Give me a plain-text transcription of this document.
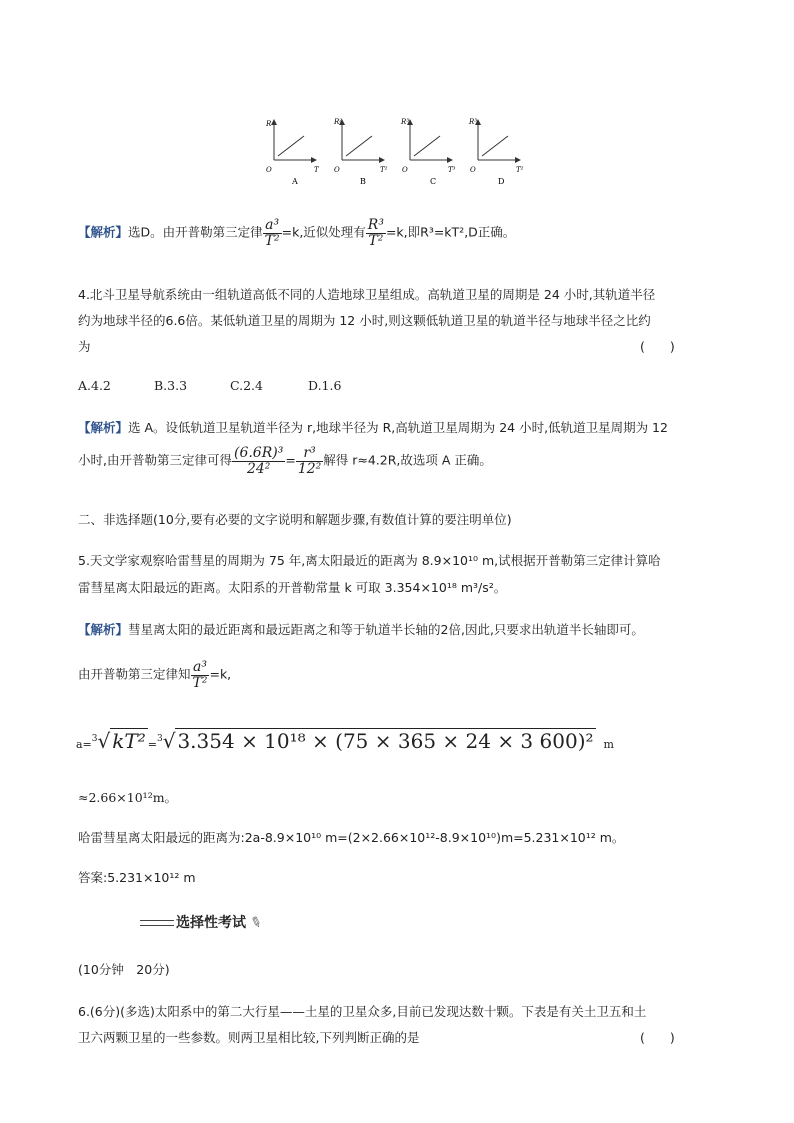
R
O	T
A
R²
O	T²
B
R³
O	T³
C
R³
O	T²
D
【解析】选D。由开普勒第三定律 $\frac{\text{a³}}{\text{T²}} =k$,近似处理有 $\frac{\text{R³}}{\text{T²}} =k$,即R³=kT²,D正确。
4.北斗卫星导航系统由一组轨道高低不同的人造地球卫星组成。高轨道卫星的周期是 24 小时,其轨道半径
约为地球半径的6.6倍。某低轨道卫星的周期为 12 小时,则这颗低轨道卫星的轨道半径与地球半径之比约
为	(　　)
A.4.2	B.3.3	C.2.4	D.1.6
【解析】选 A。设低轨道卫星轨道半径为 r,地球半径为 R,高轨道卫星周期为 24 小时,低轨道卫星周期为 12
小时,由开普勒第三定律可得 $\frac{\text{(6.6R)³}}{\text{24²}} = \frac{\text{r³}}{\text{12²}}$ 解得 r≈4.2R,故选项 A 正确。
二、非选择题(10分,要有必要的文字说明和解题步骤,有数值计算的要注明单位)
5.天文学家观察哈雷彗星的周期为 75 年,离太阳最近的距离为 8.9×10¹⁰ m,试根据开普勒第三定律计算哈
雷彗星离太阳最远的距离。太阳系的开普勒常量 k 可取 3.354×10¹⁸ m³/s²。
【解析】彗星离太阳的最近距离和最远距离之和等于轨道半长轴的2倍,因此,只要求出轨道半长轴即可。
由开普勒第三定律知 $\frac{\text{a³}}{\text{T²}} =k$,
a=$^3$√ kT² =$^3$√ 3.354 × 10¹⁸ × (75 × 365 × 24 × 3 600)² m
≈2.66×10¹²m。
哈雷彗星离太阳最远的距离为:2a-8.9×10¹⁰ m=(2×2.66×10¹²-8.9×10¹⁰)m=5.231×10¹² m。
答案:5.231×10¹² m
选择性考试 ✎
(10分钟　20分)
6.(6分)(多选)太阳系中的第二大行星——土星的卫星众多,目前已发现达数十颗。下表是有关土卫五和土
卫六两颗卫星的一些参数。则两卫星相比较,下列判断正确的是	(　　)
